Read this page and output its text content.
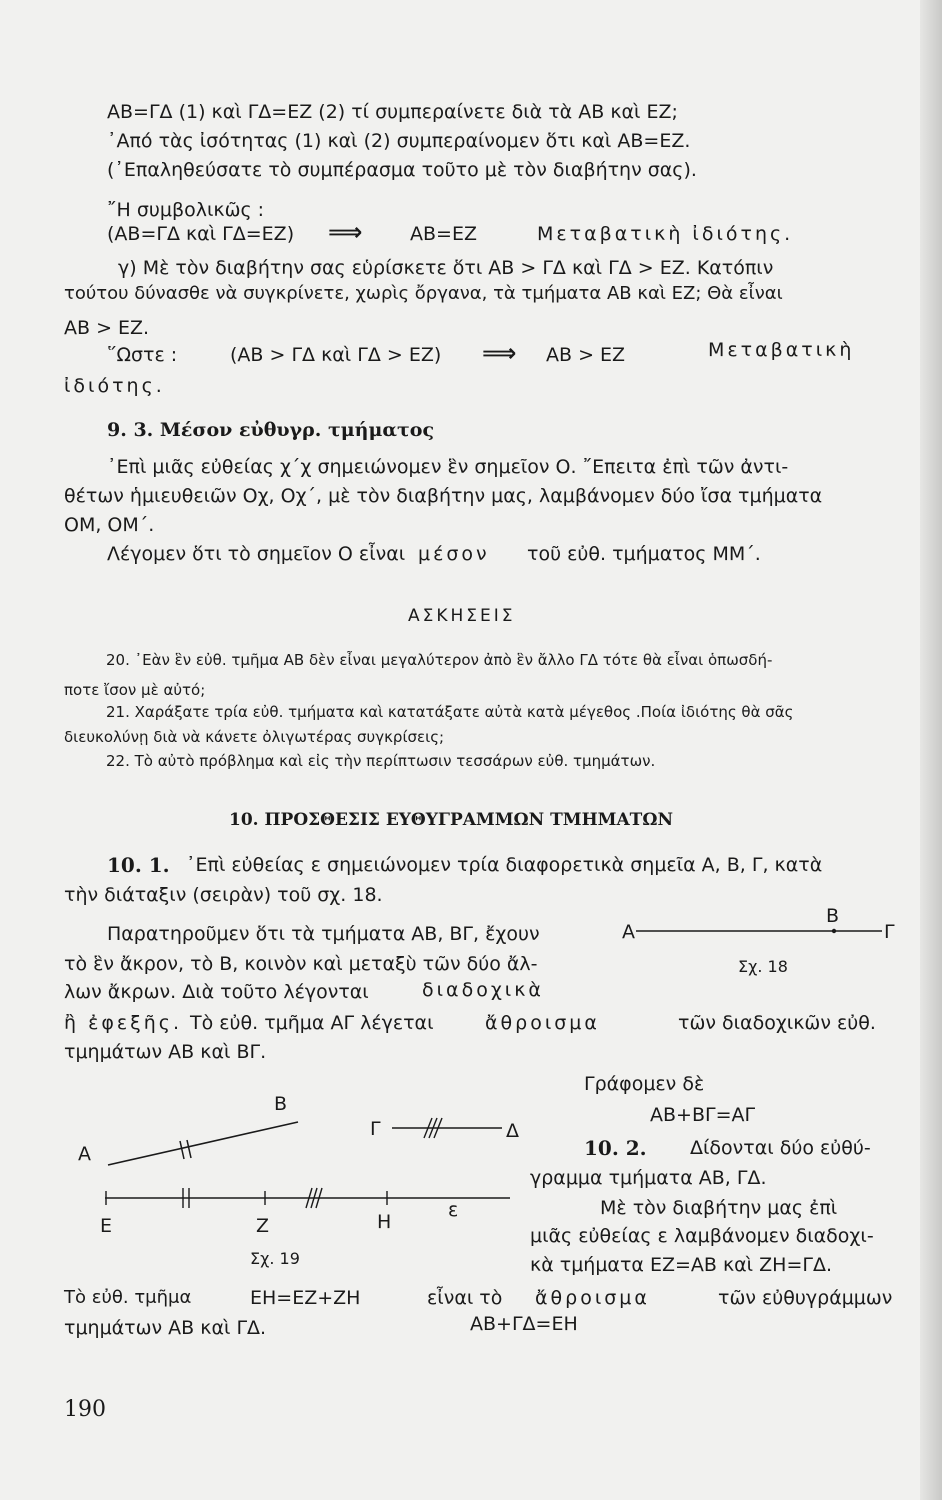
ΑΒ=ΓΔ (1) καὶ ΓΔ=ΕΖ (2) τί συμπεραίνετε διὰ τὰ ΑΒ καὶ ΕΖ;
᾿Από τὰς ἰσότητας (1) καὶ (2) συμπεραίνομεν ὅτι καὶ ΑΒ=ΕΖ.
(᾿Επαληθεύσατε τὸ συμπέρασμα τοῦτο μὲ τὸν διαβήτην σας).
῎Η συμβολικῶς :
(ΑΒ=ΓΔ καὶ ΓΔ=ΕΖ) ⟹	ΑΒ=ΕΖ	Μεταβατικὴ ἰδιότης.
γ) Μὲ τὸν διαβήτην σας εὑρίσκετε ὅτι ΑΒ > ΓΔ καὶ ΓΔ > ΕΖ. Κατόπιν
τούτου δύνασθε νὰ συγκρίνετε, χωρὶς ὄργανα, τὰ τμήματα ΑΒ καὶ ΕΖ; Θὰ εἶναι
ΑΒ > ΕΖ.
῞Ωστε :	(ΑΒ > ΓΔ καὶ ΓΔ > ΕΖ) ⟹ ΑΒ > ΕΖ	Μεταβατικὴ
ἰδιότης.
9. 3. Μέσον εὐθυγρ. τμήματος
᾿Επὶ μιᾶς εὐθείας χ΄χ σημειώνομεν ἓν σημεῖον Ο. ῎Επειτα ἐπὶ τῶν ἀντι-
θέτων ἡμιευθειῶν Οχ, Οχ΄, μὲ τὸν διαβήτην μας, λαμβάνομεν δύο ἴσα τμήματα
ΟΜ, ΟΜ΄.
Λέγομεν ὅτι τὸ σημεῖον Ο εἶναι μέσον τοῦ εὐθ. τμήματος ΜΜ΄.
ΑΣΚΗΣΕΙΣ
20. ᾿Εὰν ἓν εὐθ. τμῆμα ΑΒ δὲν εἶναι μεγαλύτερον ἀπὸ ἓν ἄλλο ΓΔ τότε θὰ εἶναι ὁπωσδή-
ποτε ἴσον μὲ αὐτό;
21. Χαράξατε τρία εὐθ. τμήματα καὶ κατατάξατε αὐτὰ κατὰ μέγεθος .Ποία ἰδιότης θὰ σᾶς
διευκολύνῃ διὰ νὰ κάνετε ὀλιγωτέρας συγκρίσεις;
22. Τὸ αὐτὸ πρόβλημα καὶ εἰς τὴν περίπτωσιν τεσσάρων εὐθ. τμημάτων.
10. ΠΡΟΣΘΕΣΙΣ ΕΥΘΥΓΡΑΜΜΩΝ ΤΜΗΜΑΤΩΝ
10. 1. ᾿Επὶ εὐθείας ε σημειώνομεν τρία διαφορετικὰ σημεῖα Α, Β, Γ, κατὰ
τὴν διάταξιν (σειρὰν) τοῦ σχ. 18.
Παρατηροῦμεν ὅτι τὰ τμήματα ΑΒ, ΒΓ, ἔχουν
τὸ ἓν ἄκρον, τὸ Β, κοινὸν καὶ μεταξὺ τῶν δύο ἄλ-
λων ἄκρων. Διὰ τοῦτο λέγονται	διαδοχικὰ
ἢ ἐφεξῆς. Τὸ εὐθ. τμῆμα ΑΓ λέγεται	ἄθροισμα	τῶν διαδοχικῶν εὐθ.
τμημάτων ΑΒ καὶ ΒΓ.
Α
Β
Γ
Σχ. 18
Γράφομεν δὲ
ΑΒ+ΒΓ=ΑΓ
10. 2. Δίδονται δύο εὐθύ-
γραμμα τμήματα ΑΒ, ΓΔ.
Μὲ τὸν διαβήτην μας ἐπὶ
μιᾶς εὐθείας ε λαμβάνομεν διαδοχι-
κὰ τμήματα ΕΖ=ΑΒ καὶ ΖΗ=ΓΔ.
Α
Β
Γ	Δ
Ε	Ζ	Η
ε
Σχ. 19
Τὸ εὐθ. τμῆμα	ΕΗ=ΕΖ+ΖΗ	εἶναι τὸ ἄθροισμα	τῶν εὐθυγράμμων
τμημάτων ΑΒ καὶ ΓΔ.	ΑΒ+ΓΔ=ΕΗ
190
